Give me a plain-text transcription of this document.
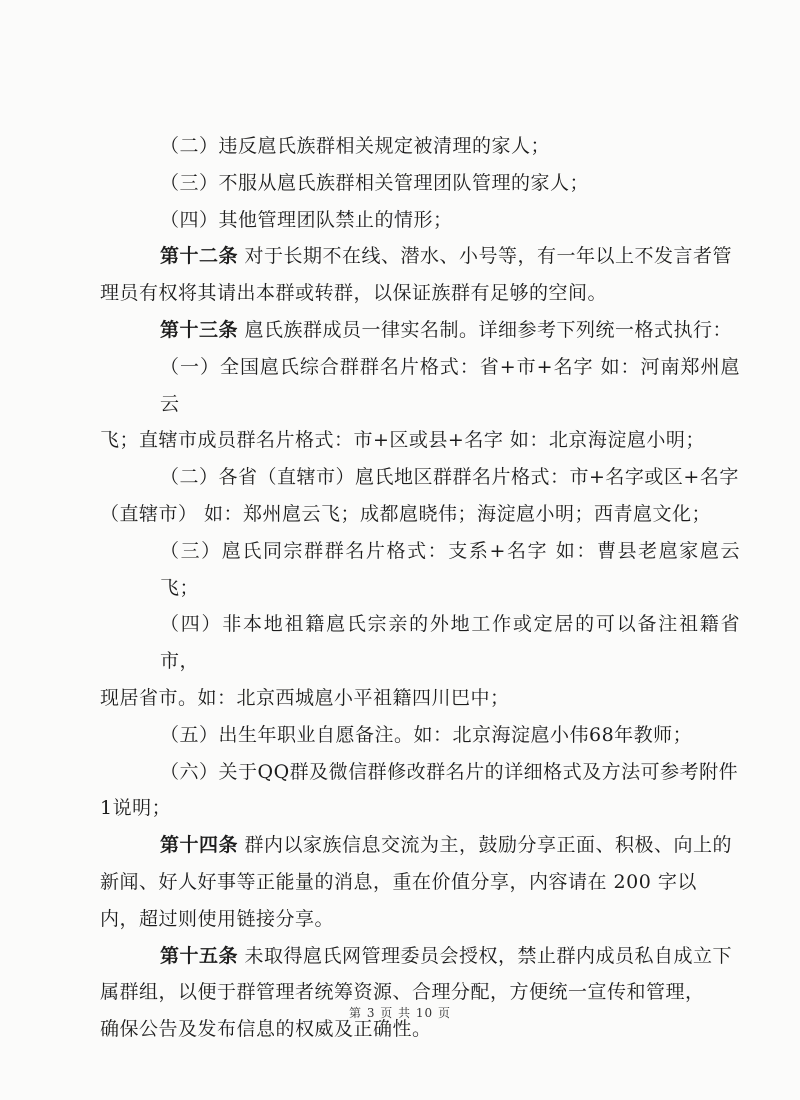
（二）违反扈氏族群相关规定被清理的家人；

（三）不服从扈氏族群相关管理团队管理的家人；

（四）其他管理团队禁止的情形；

第十二条 对于长期不在线、潜水、小号等，有一年以上不发言者管

理员有权将其请出本群或转群，以保证族群有足够的空间。

第十三条 扈氏族群成员一律实名制。详细参考下列统一格式执行：

（一）全国扈氏综合群群名片格式：省+市+名字 如：河南郑州扈云

飞；直辖市成员群名片格式：市+区或县+名字 如：北京海淀扈小明；

（二）各省（直辖市）扈氏地区群群名片格式：市+名字或区+名字

（直辖市） 如：郑州扈云飞；成都扈晓伟；海淀扈小明；西青扈文化；

（三）扈氏同宗群群名片格式：支系+名字 如：曹县老扈家扈云飞；

（四）非本地祖籍扈氏宗亲的外地工作或定居的可以备注祖籍省市，

现居省市。如：北京西城扈小平祖籍四川巴中；

（五）出生年职业自愿备注。如：北京海淀扈小伟68年教师；

（六）关于QQ群及微信群修改群名片的详细格式及方法可参考附件

1说明；

第十四条 群内以家族信息交流为主，鼓励分享正面、积极、向上的

新闻、好人好事等正能量的消息，重在价值分享，内容请在 200 字以

内，超过则使用链接分享。

第十五条 未取得扈氏网管理委员会授权，禁止群内成员私自成立下

属群组，以便于群管理者统筹资源、合理分配，方便统一宣传和管理，

确保公告及发布信息的权威及正确性。

第 3 页 共 10 页
